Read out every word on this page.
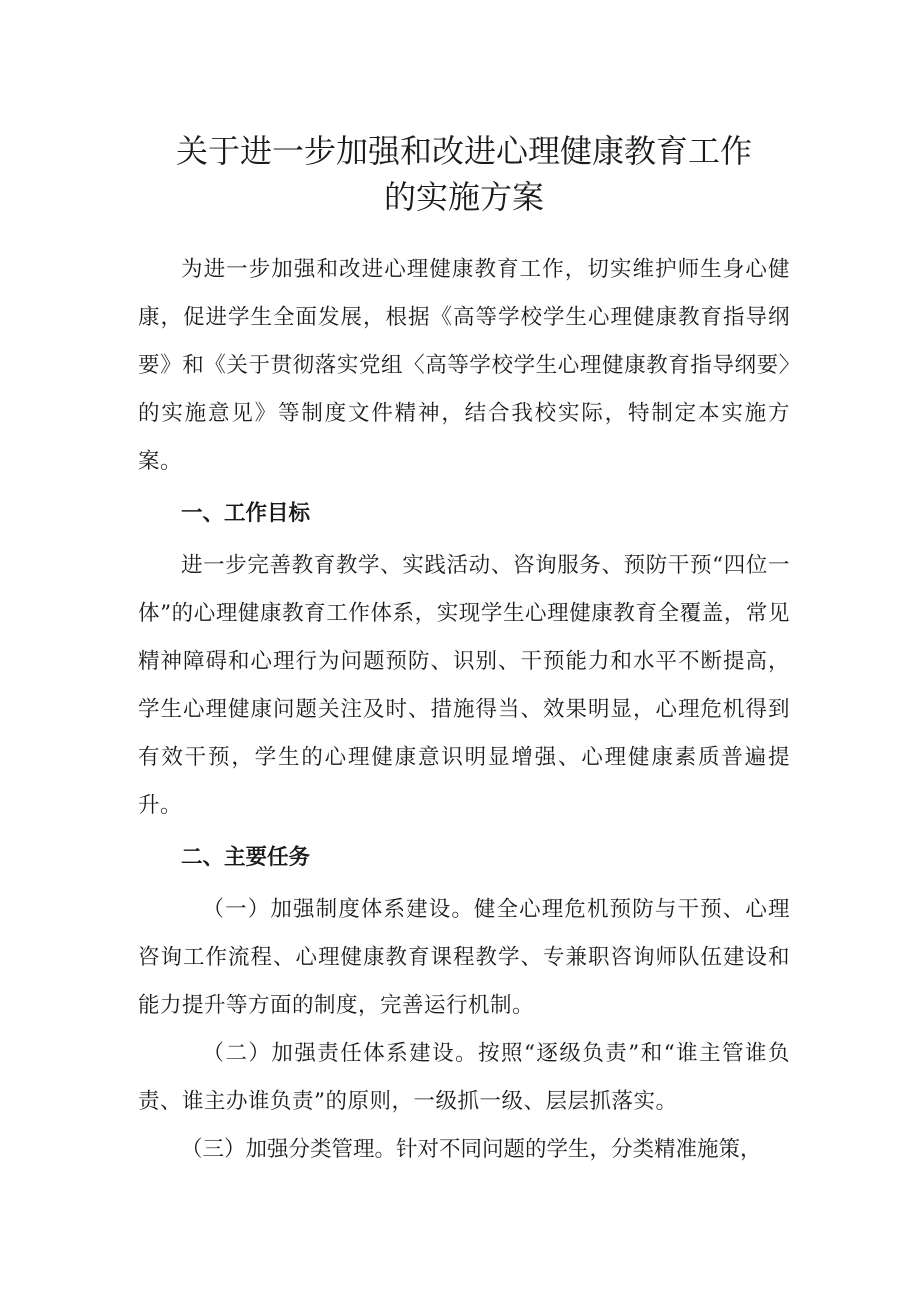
关于进一步加强和改进心理健康教育工作
的实施方案

为进一步加强和改进心理健康教育工作，切实维护师生身心健康，促进学生全面发展，根据《高等学校学生心理健康教育指导纲要》和《关于贯彻落实党组〈高等学校学生心理健康教育指导纲要〉的实施意见》等制度文件精神，结合我校实际，特制定本实施方案。

一、工作目标

进一步完善教育教学、实践活动、咨询服务、预防干预“四位一体”的心理健康教育工作体系，实现学生心理健康教育全覆盖，常见精神障碍和心理行为问题预防、识别、干预能力和水平不断提高，学生心理健康问题关注及时、措施得当、效果明显，心理危机得到有效干预，学生的心理健康意识明显增强、心理健康素质普遍提升。

二、主要任务

（一）加强制度体系建设。健全心理危机预防与干预、心理咨询工作流程、心理健康教育课程教学、专兼职咨询师队伍建设和能力提升等方面的制度，完善运行机制。

（二）加强责任体系建设。按照“逐级负责”和“谁主管谁负责、谁主办谁负责”的原则，一级抓一级、层层抓落实。

（三）加强分类管理。针对不同问题的学生，分类精准施策，
